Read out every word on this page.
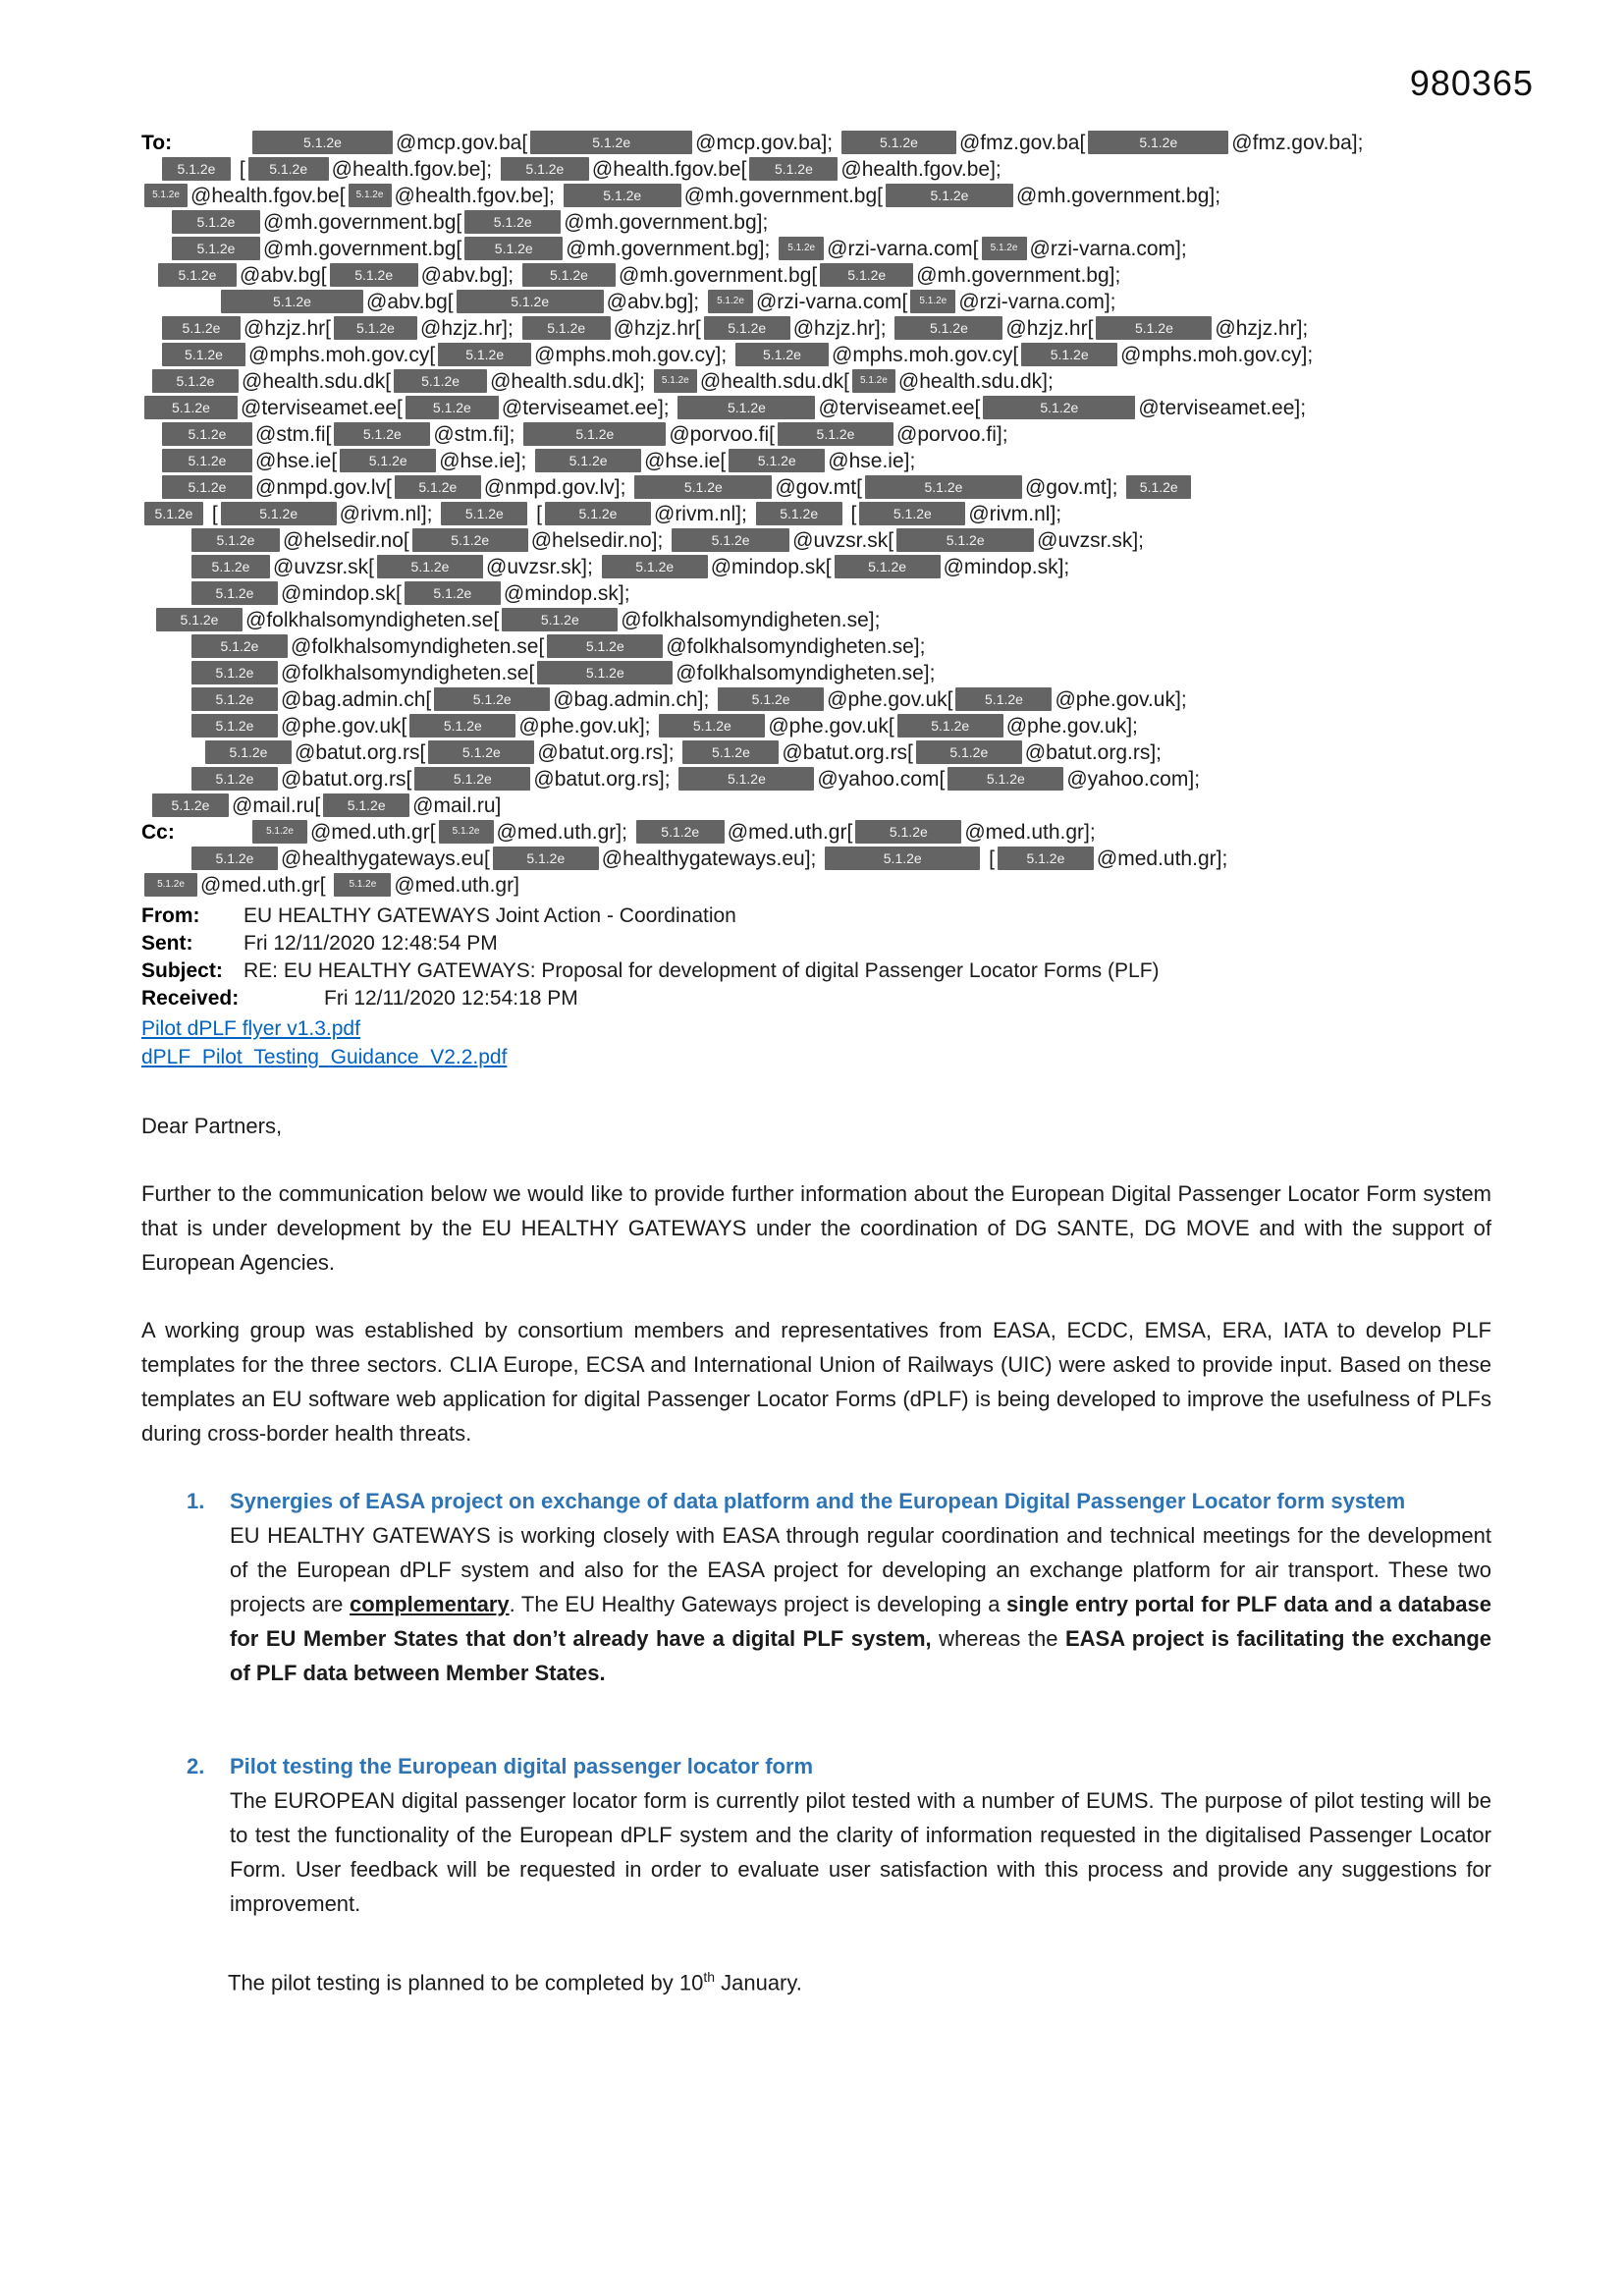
980365
To:	5.1.2e	@mcp.gov.ba[	5.1.2e	@mcp.gov.ba];	5.1.2e @fmz.gov.ba[	5.1.2e	@fmz.gov.ba];
5.1.2e [ 5.1.2e @health.fgov.be]; 5.1.2e @health.fgov.be[ 5.1.2e @health.fgov.be];
5.1.2e @health.fgov.be[ 5.1.2e @health.fgov.be];	5.1.2e @mh.government.bg[	5.1.2e @mh.government.bg];
5.1.2e @mh.government.bg[ 5.1.2e @mh.government.bg];
5.1.2e @mh.government.bg[ 5.1.2e @mh.government.bg]; 5.1.2e @rzi-varna.com[ 5.1.2e @rzi-varna.com];
5.1.2e @abv.bg[ 5.1.2e @abv.bg]; 5.1.2e @mh.government.bg[ 5.1.2e @mh.government.bg];
5.1.2e	@abv.bg[	5.1.2e	@abv.bg]; 5.1.2e @rzi-varna.com[ 5.1.2e @rzi-varna.com];
5.1.2e @hzjz.hr[ 5.1.2e @hzjz.hr]; 5.1.2e @hzjz.hr[ 5.1.2e @hzjz.hr];	5.1.2e @hzjz.hr[	5.1.2e @hzjz.hr];
5.1.2e @mphs.moh.gov.cy[ 5.1.2e @mphs.moh.gov.cy]; 5.1.2e @mphs.moh.gov.cy[ 5.1.2e @mphs.moh.gov.cy];
5.1.2e @health.sdu.dk[ 5.1.2e @health.sdu.dk]; 5.1.2e @health.sdu.dk[ 5.1.2e @health.sdu.dk];
5.1.2e @terviseamet.ee[ 5.1.2e @terviseamet.ee];	5.1.2e	@terviseamet.ee[	5.1.2e	@terviseamet.ee];
5.1.2e @stm.fi[ 5.1.2e @stm.fi];	5.1.2e	@porvoo.fi[	5.1.2e @porvoo.fi];
5.1.2e @hse.ie[ 5.1.2e @hse.ie];	5.1.2e @hse.ie[ 5.1.2e @hse.ie];
5.1.2e @nmpd.gov.lv[ 5.1.2e @nmpd.gov.lv];	5.1.2e	@gov.mt[	5.1.2e	@gov.mt]; 5.1.2e
5.1.2e [	5.1.2e @rivm.nl]; 5.1.2e [	5.1.2e @rivm.nl]; 5.1.2e [	5.1.2e @rivm.nl];
5.1.2e @helsedir.no[	5.1.2e @helsedir.no];	5.1.2e @uvzsr.sk[	5.1.2e	@uvzsr.sk];
5.1.2e @uvzsr.sk[	5.1.2e @uvzsr.sk];	5.1.2e @mindop.sk[	5.1.2e @mindop.sk];
5.1.2e @mindop.sk[ 5.1.2e @mindop.sk];
5.1.2e @folkhalsomyndigheten.se[	5.1.2e @folkhalsomyndigheten.se];
5.1.2e @folkhalsomyndigheten.se[	5.1.2e @folkhalsomyndigheten.se];
5.1.2e @folkhalsomyndigheten.se[	5.1.2e	@folkhalsomyndigheten.se];
5.1.2e @bag.admin.ch[	5.1.2e @bag.admin.ch];	5.1.2e @phe.gov.uk[ 5.1.2e @phe.gov.uk];
5.1.2e @phe.gov.uk[	5.1.2e @phe.gov.uk];	5.1.2e @phe.gov.uk[	5.1.2e @phe.gov.uk];
5.1.2e @batut.org.rs[	5.1.2e @batut.org.rs]; 5.1.2e @batut.org.rs[	5.1.2e @batut.org.rs];
5.1.2e @batut.org.rs[	5.1.2e @batut.org.rs];	5.1.2e	@yahoo.com[	5.1.2e @yahoo.com];
5.1.2e @mail.ru[ 5.1.2e @mail.ru]
Cc:	5.1.2e @med.uth.gr[ 5.1.2e @med.uth.gr]; 5.1.2e @med.uth.gr[	5.1.2e @med.uth.gr];
5.1.2e @healthygateways.eu[	5.1.2e @healthygateways.eu];	5.1.2e	[ 5.1.2e @med.uth.gr];
5.1.2e @med.uth.gr[ 5.1.2e @med.uth.gr]
From: EU HEALTHY GATEWAYS Joint Action - Coordination
Sent: Fri 12/11/2020 12:48:54 PM
Subject: RE: EU HEALTHY GATEWAYS: Proposal for development of digital Passenger Locator Forms (PLF)
Received:	Fri 12/11/2020 12:54:18 PM
Pilot dPLF flyer v1.3.pdf
dPLF_Pilot_Testing_Guidance_V2.2.pdf
Dear Partners,
Further to the communication below we would like to provide further information about the European Digital Passenger Locator Form system that is under development by the EU HEALTHY GATEWAYS under the coordination of DG SANTE, DG MOVE and with the support of European Agencies.
A working group was established by consortium members and representatives from EASA, ECDC, EMSA, ERA, IATA to develop PLF templates for the three sectors. CLIA Europe, ECSA and International Union of Railways (UIC) were asked to provide input. Based on these templates an EU software web application for digital Passenger Locator Forms (dPLF) is being developed to improve the usefulness of PLFs during cross-border health threats.
1.	Synergies of EASA project on exchange of data platform and the European Digital Passenger Locator form system
EU HEALTHY GATEWAYS is working closely with EASA through regular coordination and technical meetings for the development of the European dPLF system and also for the EASA project for developing an exchange platform for air transport. These two projects are complementary. The EU Healthy Gateways project is developing a single entry portal for PLF data and a database for EU Member States that don’t already have a digital PLF system, whereas the EASA project is facilitating the exchange of PLF data between Member States.
2.	Pilot testing the European digital passenger locator form
The EUROPEAN digital passenger locator form is currently pilot tested with a number of EUMS. The purpose of pilot testing will be to test the functionality of the European dPLF system and the clarity of information requested in the digitalised Passenger Locator Form. User feedback will be requested in order to evaluate user satisfaction with this process and provide any suggestions for improvement.
The pilot testing is planned to be completed by 10th January.
